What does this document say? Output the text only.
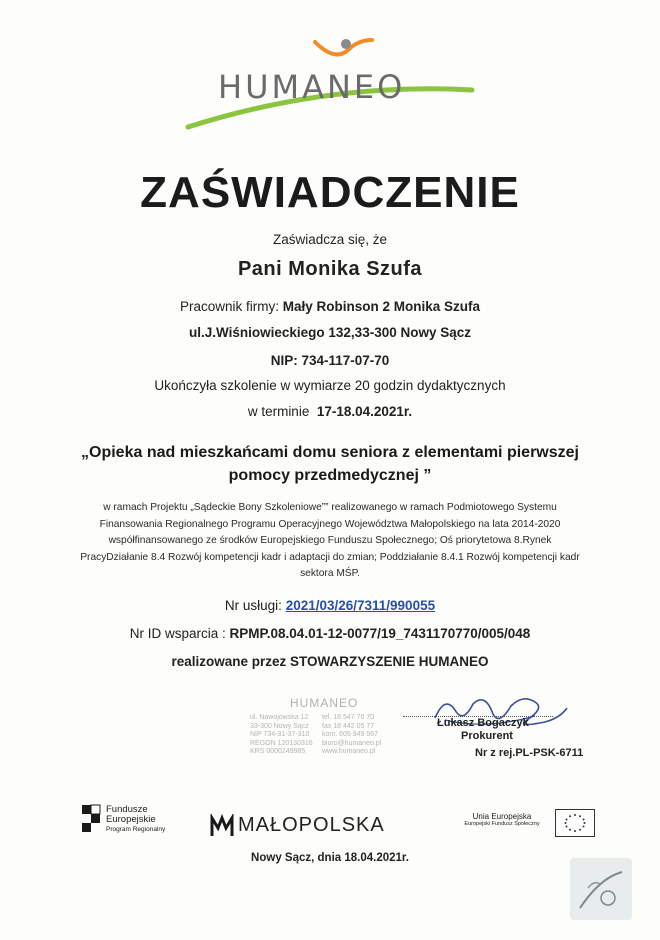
HUMANEO
ZAŚWIADCZENIE
Zaświadcza się, że
Pani Monika Szufa
Pracownik firmy: Mały Robinson 2 Monika Szufa
ul.J.Wiśniowieckiego 132,33-300 Nowy Sącz
NIP: 734-117-07-70
Ukończyła szkolenie w wymiarze 20 godzin dydaktycznych
w terminie 17-18.04.2021r.
„Opieka nad mieszkańcami domu seniora z elementami pierwszej pomocy przedmedycznej ”
w ramach Projektu „Sądeckie Bony Szkoleniowe”” realizowanego w ramach Podmiotowego Systemu Finansowania Regionalnego Programu Operacyjnego Województwa Małopolskiego na lata 2014-2020 współfinansowanego ze środków Europejskiego Funduszu Społecznego; Oś priorytetowa 8.Rynek PracyDziałanie 8.4 Rozwój kompetencji kadr i adaptacji do zmian; Poddziałanie 8.4.1 Rozwój kompetencji kadr sektora MŚP.
Nr usługi: 2021/03/26/7311/990055
Nr ID wsparcia : RPMP.08.04.01-12-0077/19_7431170770/005/048
realizowane przez STOWARZYSZENIE HUMANEO
HUMANEO
ul. Nawojowska 12
33-300 Nowy Sącz
NIP 734-31-37-310
REGON 120130316
KRS 0000249985
tel. 18 547 70 70
fax 18 442 05 77
kom. 605 949 567
biuro@humaneo.pl
www.humaneo.pl
Łukasz Bogaczyk
Prokurent
Nr z rej.PL-PSK-6711
Fundusze
Europejskie
Program Regionalny	MAŁOPOLSKA	Unia Europejska
Europejski Fundusz Społeczny
Nowy Sącz, dnia 18.04.2021r.
